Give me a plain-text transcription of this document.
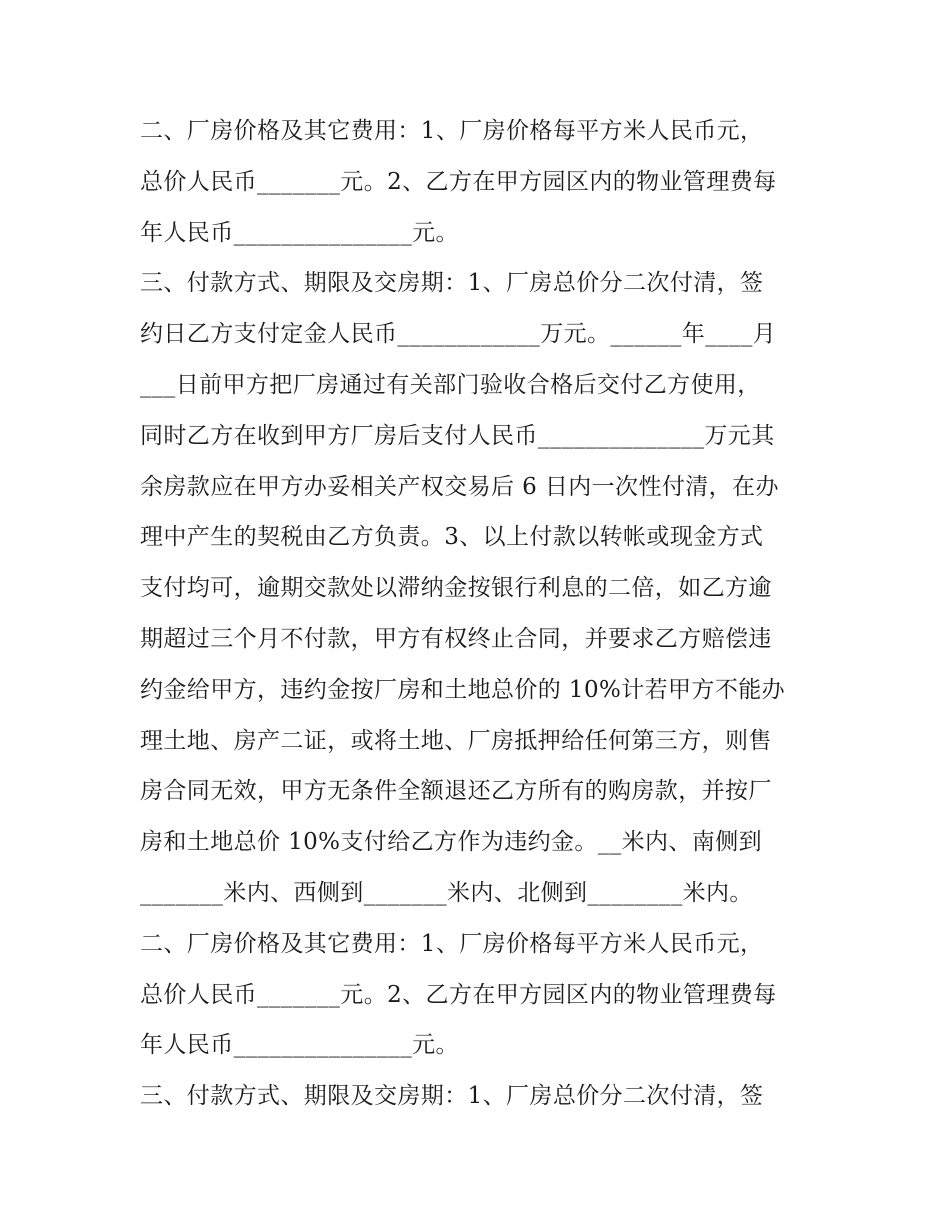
二、厂房价格及其它费用：1、厂房价格每平方米人民币元，
总价人民币_______元。2、乙方在甲方园区内的物业管理费每
年人民币_______________元。
三、付款方式、期限及交房期：1、厂房总价分二次付清，签
约日乙方支付定金人民币____________万元。______年____月
___日前甲方把厂房通过有关部门验收合格后交付乙方使用，
同时乙方在收到甲方厂房后支付人民币______________万元其
余房款应在甲方办妥相关产权交易后 6 日内一次性付清，在办
理中产生的契税由乙方负责。3、以上付款以转帐或现金方式
支付均可，逾期交款处以滞纳金按银行利息的二倍，如乙方逾
期超过三个月不付款，甲方有权终止合同，并要求乙方赔偿违
约金给甲方，违约金按厂房和土地总价的 10%计若甲方不能办
理土地、房产二证，或将土地、厂房抵押给任何第三方，则售
房合同无效，甲方无条件全额退还乙方所有的购房款，并按厂
房和土地总价 10%支付给乙方作为违约金。__米内、南侧到
_______米内、西侧到_______米内、北侧到________米内。
二、厂房价格及其它费用：1、厂房价格每平方米人民币元，
总价人民币_______元。2、乙方在甲方园区内的物业管理费每
年人民币_______________元。
三、付款方式、期限及交房期：1、厂房总价分二次付清，签
